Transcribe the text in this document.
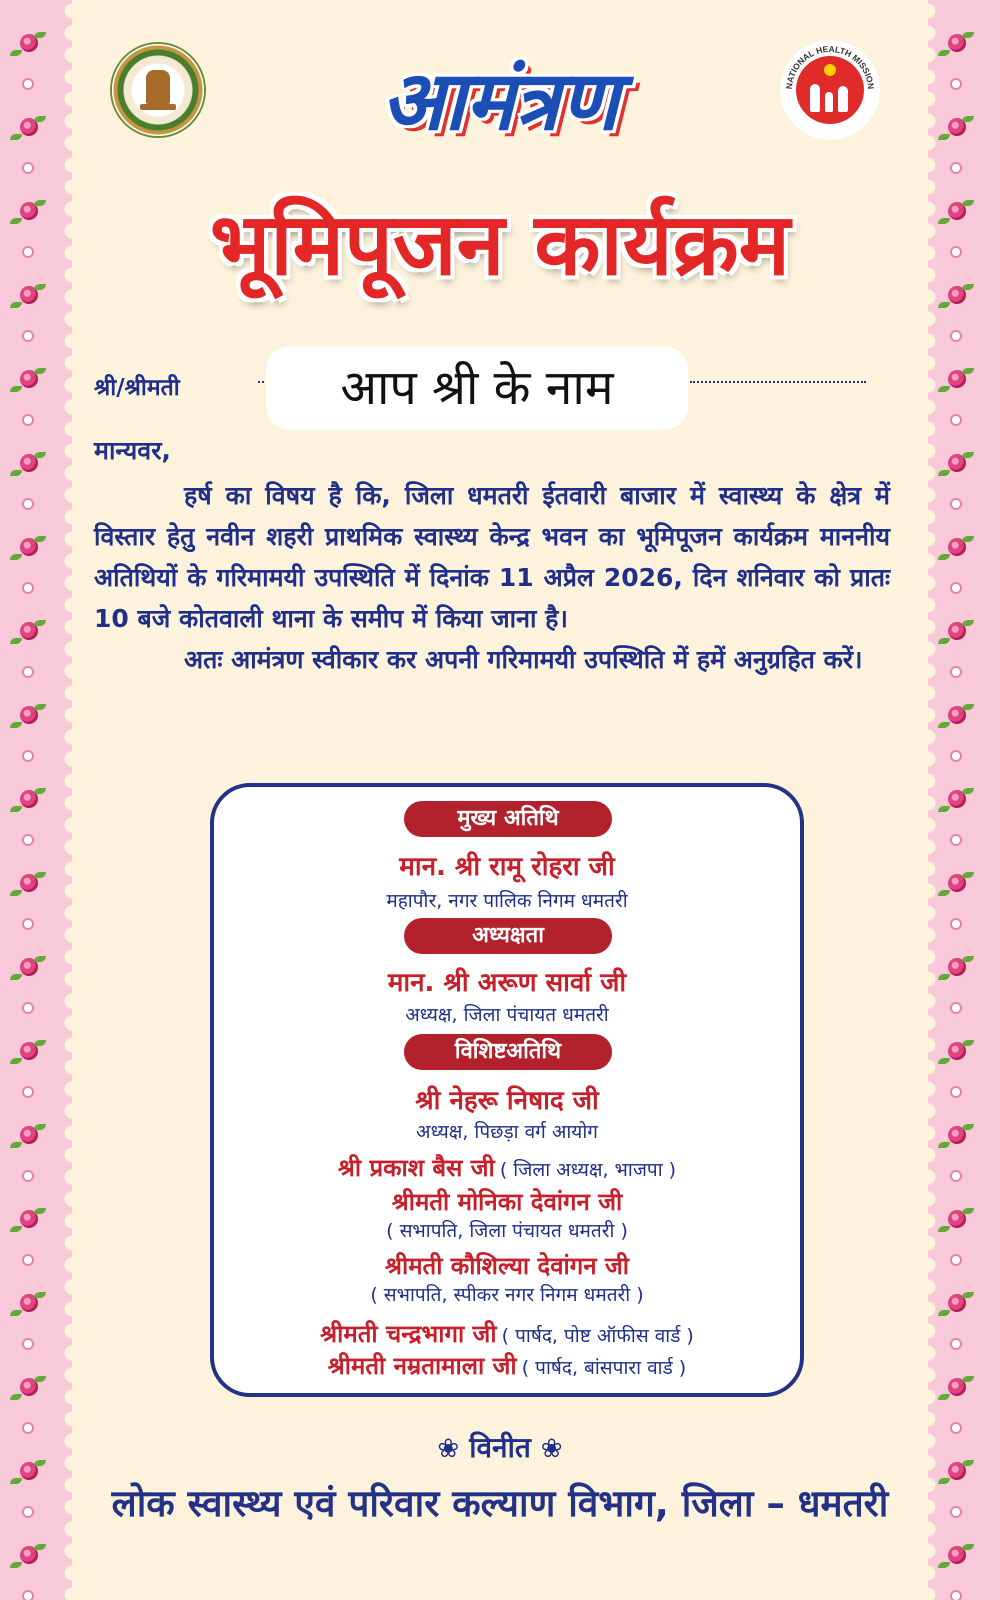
NATIONAL HEALTH MISSION
आमंत्रण
भूमिपूजन कार्यक्रम
श्री/श्रीमती	आप श्री के नाम

मान्यवर,

हर्ष का विषय है कि, जिला धमतरी ईतवारी बाजार में स्वास्थ्य के क्षेत्र में विस्तार हेतु नवीन शहरी प्राथमिक स्वास्थ्य केन्द्र भवन का भूमिपूजन कार्यक्रम माननीय अतिथियों के गरिमामयी उपस्थिति में दिनांक 11 अप्रैल 2026, दिन शनिवार को प्रातः 10 बजे कोतवाली थाना के समीप में किया जाना है।

अतः आमंत्रण स्वीकार कर अपनी गरिमामयी उपस्थिति में हमें अनुग्रहित करें।

मुख्य अतिथि
मान. श्री रामू रोहरा जी
महापौर, नगर पालिक निगम धमतरी
अध्यक्षता
मान. श्री अरूण सार्वा जी
अध्यक्ष, जिला पंचायत धमतरी
विशिष्टअतिथि
श्री नेहरू निषाद जी
अध्यक्ष, पिछड़ा वर्ग आयोग
श्री प्रकाश बैस जी ( जिला अध्यक्ष, भाजपा )
श्रीमती मोनिका देवांगन जी
( सभापति, जिला पंचायत धमतरी )
श्रीमती कौशिल्या देवांगन जी
( सभापति, स्पीकर नगर निगम धमतरी )
श्रीमती चन्द्रभागा जी ( पार्षद, पोष्ट ऑफीस वार्ड )
श्रीमती नम्रतामाला जी ( पार्षद, बांसपारा वार्ड )
❀ विनीत ❀
लोक स्वास्थ्य एवं परिवार कल्याण विभाग, जिला – धमतरी
